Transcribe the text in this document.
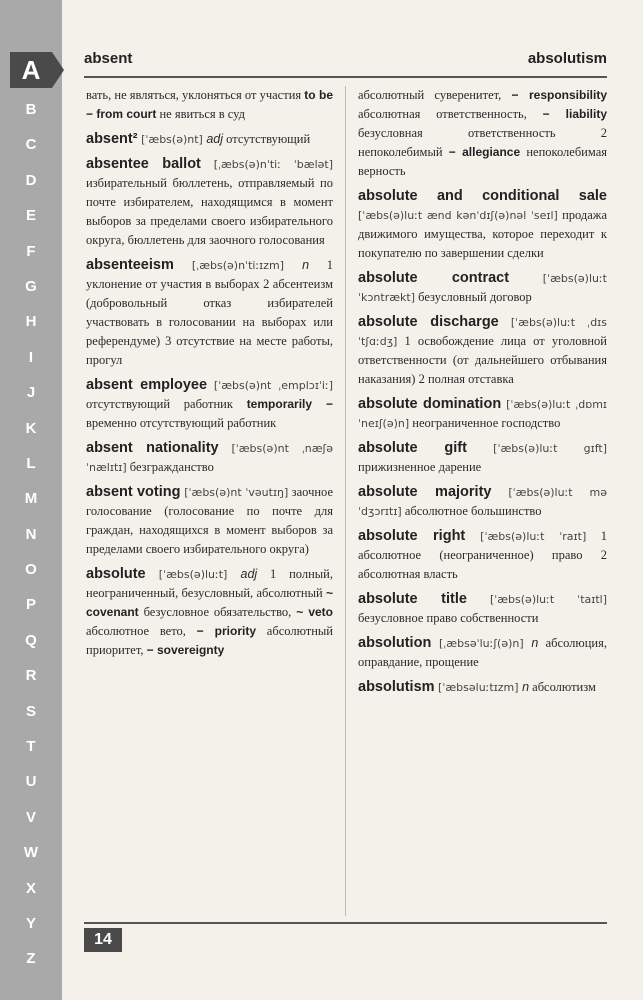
A
B
C
D
E
F
G
H
I
J
K
L
M
N
O
P
Q
R
S
T
U
V
W
X
Y
Z
absent	absolutism

вать, не являться, уклоняться от участия to be − from court не явиться в суд

absent² [ˈæbs(ə)nt] adj отсутствующий

absentee ballot [ˌæbs(ə)nˈtiː ˈbælət] избирательный бюллетень, отправляемый по почте избирателем, находящимся в момент выборов за пределами своего избирательного округа, бюллетень для заочного голосования

absenteeism [ˌæbs(ə)nˈtiːɪzm] n 1 уклонение от участия в выборах 2 абсентеизм (добровольный отказ избирателей участвовать в голосовании на выборах или референдуме) 3 отсутствие на месте работы, прогул

absent employee [ˈæbs(ə)nt ˌemplɔɪˈiː] отсутствующий работник temporarily − временно отсутствующий работник

absent nationality [ˈæbs(ə)nt ˌnæʃəˈnælɪtɪ] безгражданство

absent voting [ˈæbs(ə)nt ˈvəutɪŋ] заочное голосование (голосование по почте для граждан, находящихся в момент выборов за пределами своего избирательного округа)

absolute [ˈæbs(ə)luːt] adj 1 полный, неограниченный, безусловный, абсолютный ~ covenant безусловное обязательство, ~ veto абсолютное вето, − priority абсолютный приоритет, − sovereignty

абсолютный суверенитет, − responsibility абсолютная ответственность, − liability безусловная ответственность 2 непоколебимый − allegiance непоколебимая верность

absolute and conditional sale [ˈæbs(ə)luːt ænd kənˈdɪʃ(ə)nəl ˈseɪl] продажа движимого имущества, которое переходит к покупателю по завершении сделки

absolute contract [ˈæbs(ə)luːt ˈkɔntrækt] безусловный договор

absolute discharge [ˈæbs(ə)luːt ˌdɪsˈtʃɑːdʒ] 1 освобождение лица от уголовной ответственности (от дальнейшего отбывания наказания) 2 полная отставка

absolute domination [ˈæbs(ə)luːt ˌdɒmɪˈneɪʃ(ə)n] неограниченное господство

absolute gift [ˈæbs(ə)luːt gɪft] прижизненное дарение

absolute majority [ˈæbs(ə)luːt məˈdʒɔrɪtɪ] абсолютное большинство

absolute right [ˈæbs(ə)luːt ˈraɪt] 1 абсолютное (неограниченное) право 2 абсолютная власть

absolute title [ˈæbs(ə)luːt ˈtaɪtl] безусловное право собственности

absolution [ˌæbsəˈluːʃ(ə)n] n абсолюция, оправдание, прощение

absolutism [ˈæbsəluːtɪzm] n абсолютизм

14
